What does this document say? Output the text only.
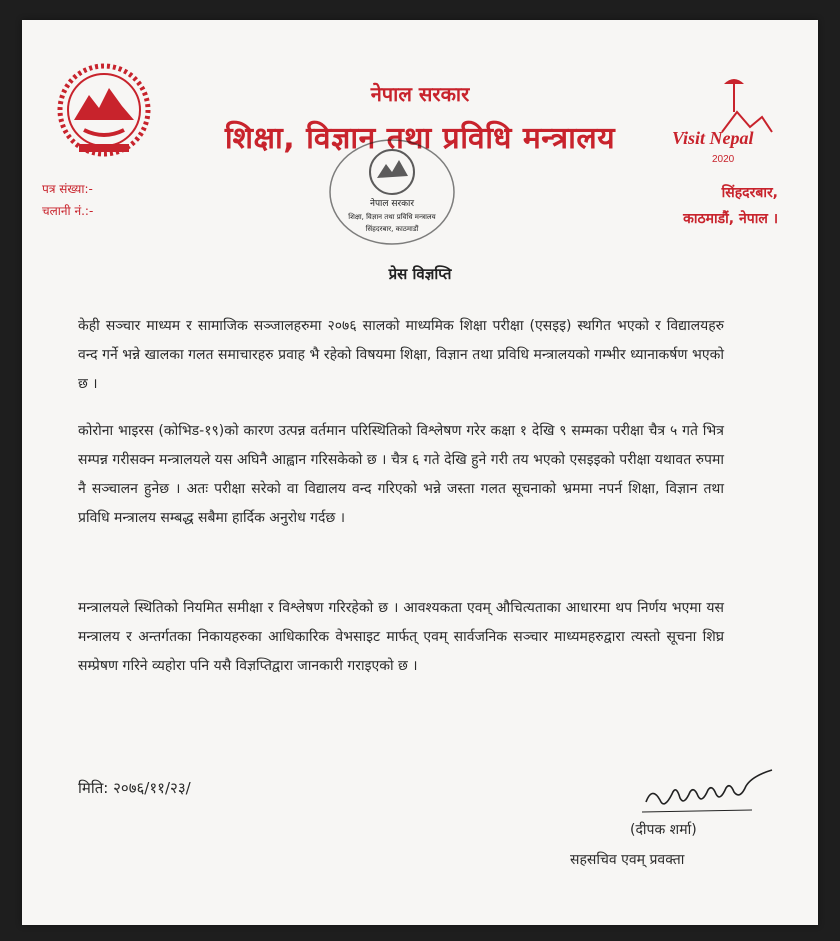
नेपाल सरकार
शिक्षा, विज्ञान तथा प्रविधि मन्त्रालय
2020
Visit Nepal
पत्र संख्या:-
चलानी नं.:-
सिंहदरबार,
काठमाडौं, नेपाल ।
नेपाल सरकार
शिक्षा, विज्ञान तथा प्रविधि मन्त्रालय
सिंहदरबार, काठमाडौं
प्रेस विज्ञप्ति
केही सञ्चार माध्यम र सामाजिक सञ्जालहरुमा २०७६ सालको माध्यमिक शिक्षा परीक्षा (एसइइ) स्थगित भएको र विद्यालयहरु वन्द गर्ने भन्ने खालका गलत समाचारहरु प्रवाह भै रहेको विषयमा शिक्षा, विज्ञान तथा प्रविधि मन्त्रालयको गम्भीर ध्यानाकर्षण भएको छ ।
कोरोना भाइरस (कोभिड-१९)को कारण उत्पन्न वर्तमान परिस्थितिको विश्लेषण गरेर कक्षा १ देखि ९ सम्मका परीक्षा चैत्र ५ गते भित्र सम्पन्न गरीसक्न मन्त्रालयले यस अघिनै आह्वान गरिसकेको छ । चैत्र ६ गते देखि हुने गरी तय भएको एसइइको परीक्षा यथावत रुपमा नै सञ्चालन हुनेछ । अतः परीक्षा सरेको वा विद्यालय वन्द गरिएको भन्ने जस्ता गलत सूचनाको भ्रममा नपर्न शिक्षा, विज्ञान तथा प्रविधि मन्त्रालय सम्बद्ध सबैमा हार्दिक अनुरोध गर्दछ ।
मन्त्रालयले स्थितिको नियमित समीक्षा र विश्लेषण गरिरहेको छ । आवश्यकता एवम् औचित्यताका आधारमा थप निर्णय भएमा यस मन्त्रालय र अन्तर्गतका निकायहरुका आधिकारिक वेभसाइट मार्फत् एवम् सार्वजनिक सञ्चार माध्यमहरुद्वारा त्यस्तो सूचना शिघ्र सम्प्रेषण गरिने व्यहोरा पनि यसै विज्ञप्तिद्वारा जानकारी गराइएको छ ।
मिति: २०७६/११/२३/
(दीपक शर्मा)
सहसचिव एवम् प्रवक्ता
